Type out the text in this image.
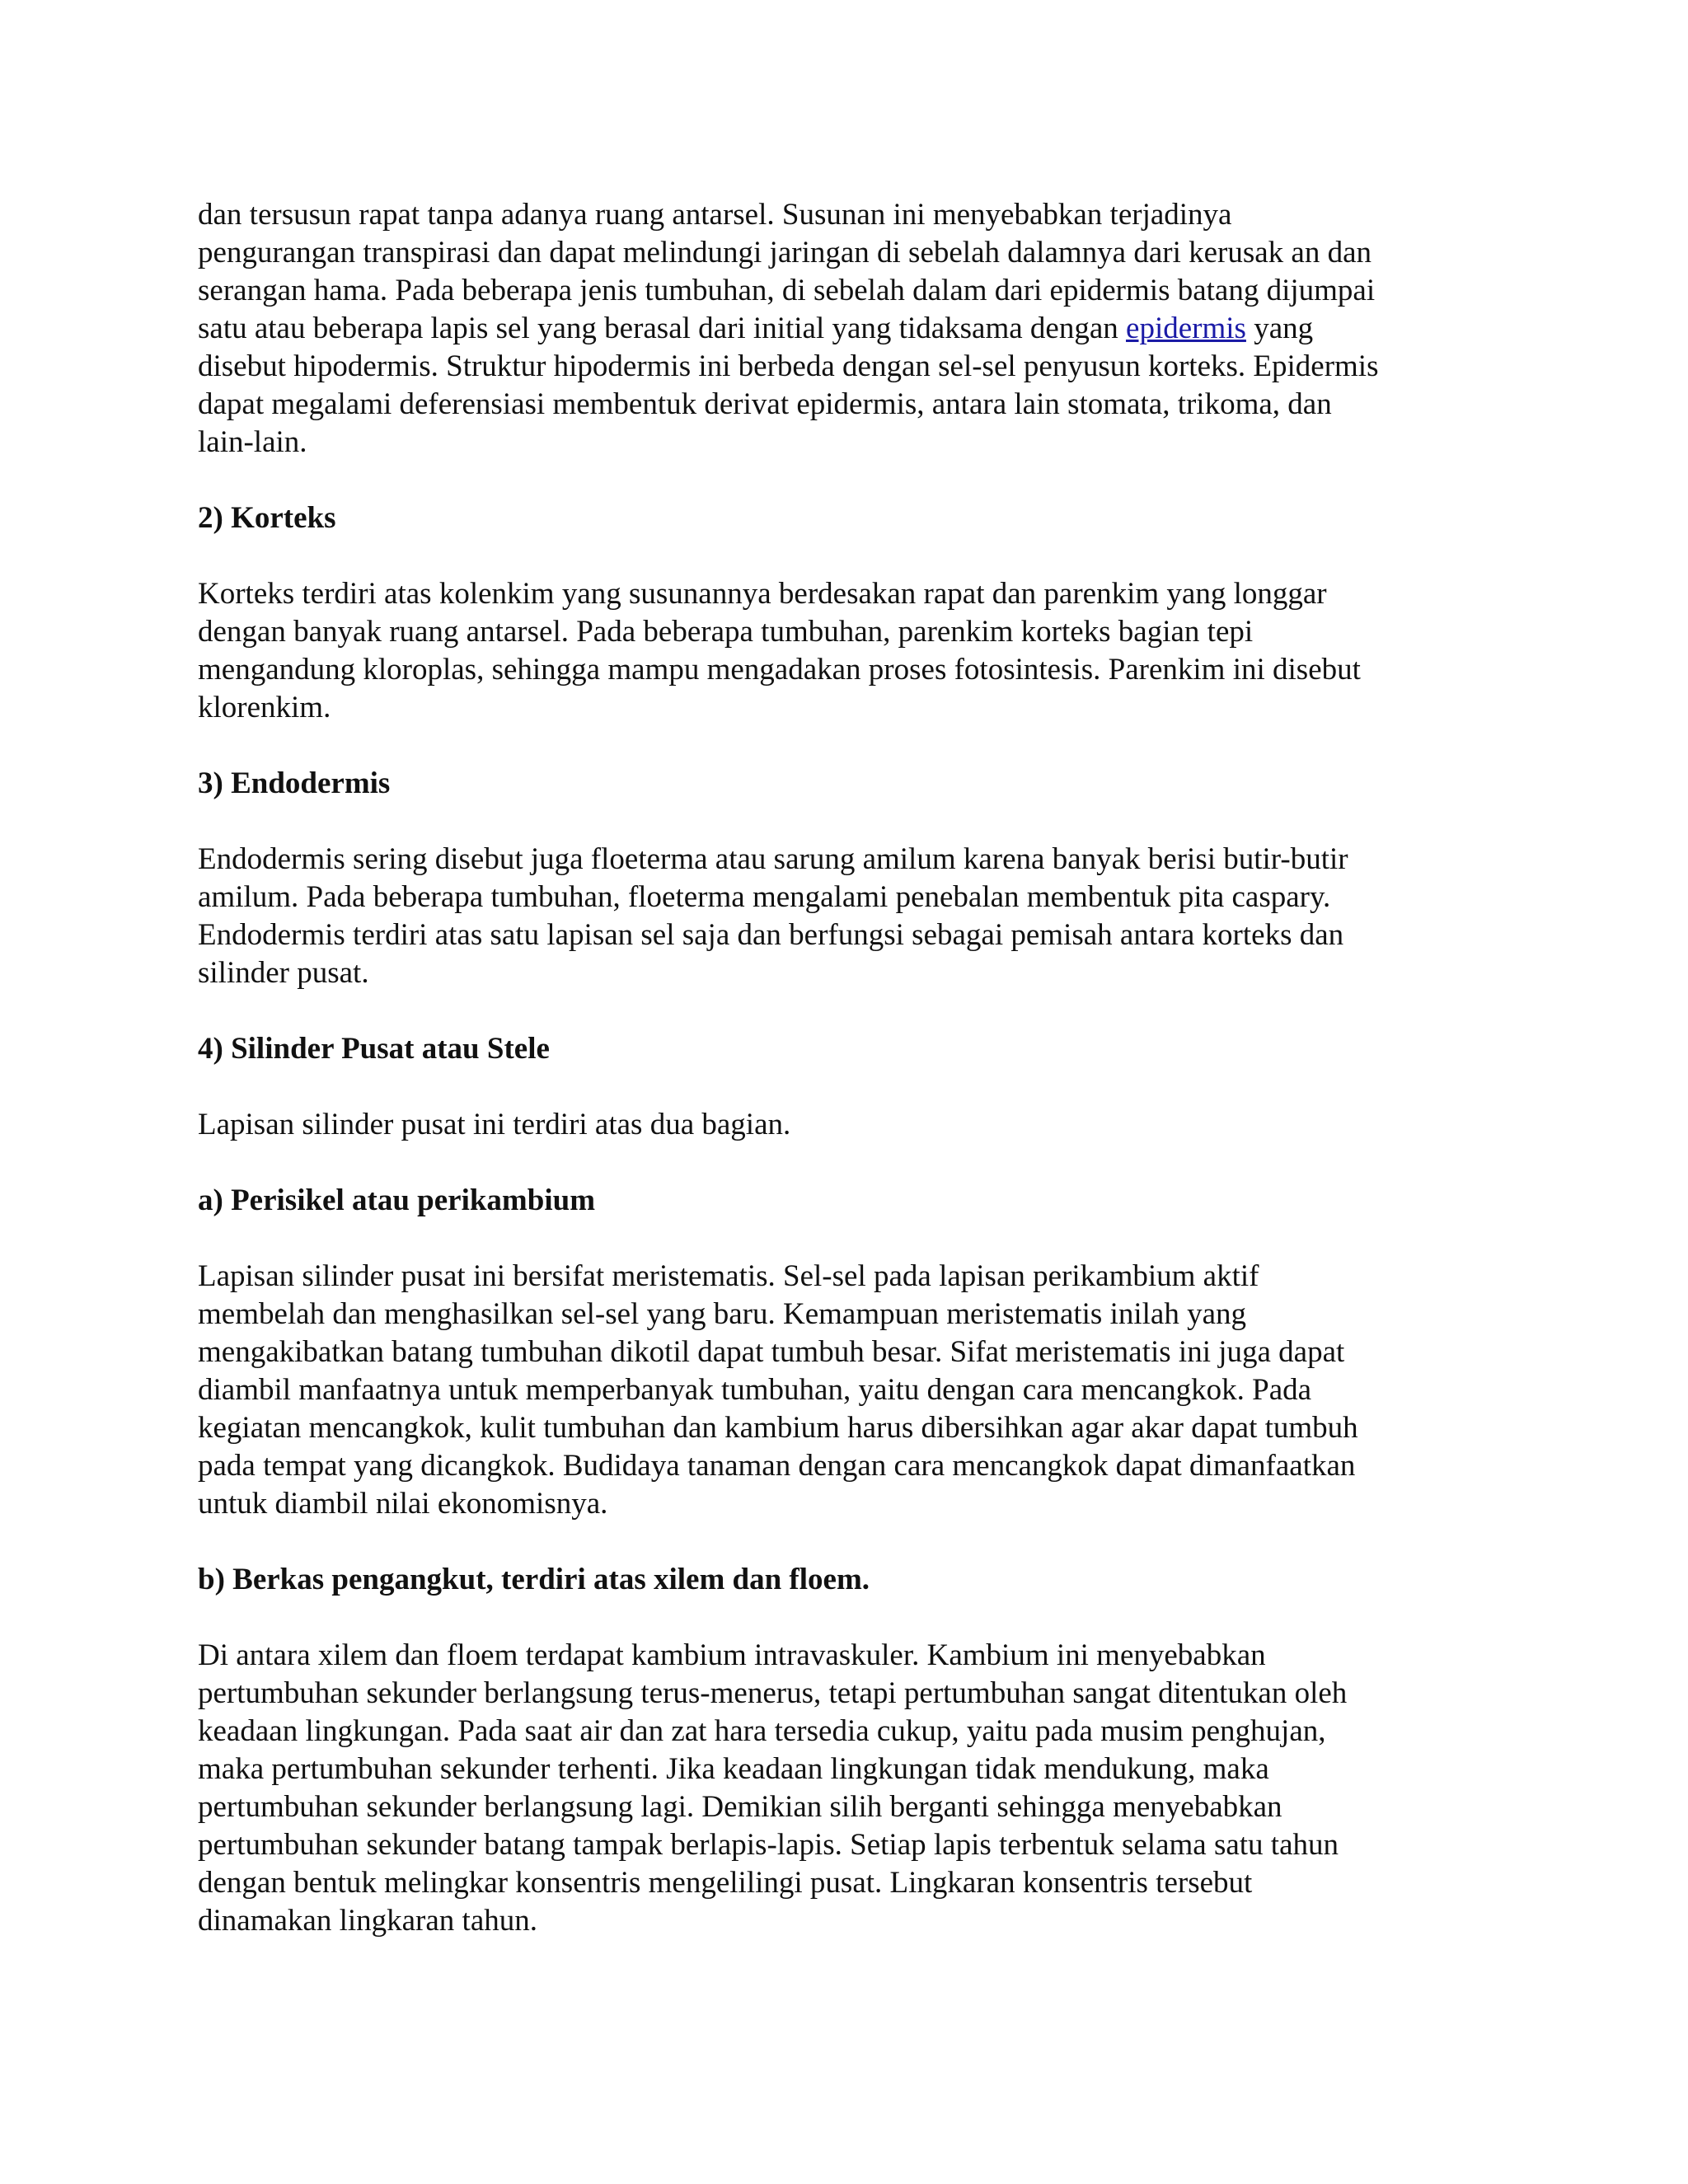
dan tersusun rapat tanpa adanya ruang antarsel. Susunan ini menyebabkan terjadinya
pengurangan transpirasi dan dapat melindungi jaringan di sebelah dalamnya dari kerusak an dan
serangan hama. Pada beberapa jenis tumbuhan, di sebelah dalam dari epidermis batang dijumpai
satu atau beberapa lapis sel yang berasal dari initial yang tidaksama dengan epidermis yang
disebut hipodermis. Struktur hipodermis ini berbeda dengan sel-sel penyusun korteks. Epidermis
dapat megalami deferensiasi membentuk derivat epidermis, antara lain stomata, trikoma, dan
lain-lain.

2) Korteks

Korteks terdiri atas kolenkim yang susunannya berdesakan rapat dan parenkim yang longgar
dengan banyak ruang antarsel. Pada beberapa tumbuhan, parenkim korteks bagian tepi
mengandung kloroplas, sehingga mampu mengadakan proses fotosintesis. Parenkim ini disebut
klorenkim.

3) Endodermis

Endodermis sering disebut juga floeterma atau sarung amilum karena banyak berisi butir-butir
amilum. Pada beberapa tumbuhan, floeterma mengalami penebalan membentuk pita caspary.
Endodermis terdiri atas satu lapisan sel saja dan berfungsi sebagai pemisah antara korteks dan
silinder pusat.

4) Silinder Pusat atau Stele

Lapisan silinder pusat ini terdiri atas dua bagian.

a) Perisikel atau perikambium

Lapisan silinder pusat ini bersifat meristematis. Sel-sel pada lapisan perikambium aktif
membelah dan menghasilkan sel-sel yang baru. Kemampuan meristematis inilah yang
mengakibatkan batang tumbuhan dikotil dapat tumbuh besar. Sifat meristematis ini juga dapat
diambil manfaatnya untuk memperbanyak tumbuhan, yaitu dengan cara mencangkok. Pada
kegiatan mencangkok, kulit tumbuhan dan kambium harus dibersihkan agar akar dapat tumbuh
pada tempat yang dicangkok. Budidaya tanaman dengan cara mencangkok dapat dimanfaatkan
untuk diambil nilai ekonomisnya.

b) Berkas pengangkut, terdiri atas xilem dan floem.

Di antara xilem dan floem terdapat kambium intravaskuler. Kambium ini menyebabkan
pertumbuhan sekunder berlangsung terus-menerus, tetapi pertumbuhan sangat ditentukan oleh
keadaan lingkungan. Pada saat air dan zat hara tersedia cukup, yaitu pada musim penghujan,
maka pertumbuhan sekunder terhenti. Jika keadaan lingkungan tidak mendukung, maka
pertumbuhan sekunder berlangsung lagi. Demikian silih berganti sehingga menyebabkan
pertumbuhan sekunder batang tampak berlapis-lapis. Setiap lapis terbentuk selama satu tahun
dengan bentuk melingkar konsentris mengelilingi pusat. Lingkaran konsentris tersebut
dinamakan lingkaran tahun.
